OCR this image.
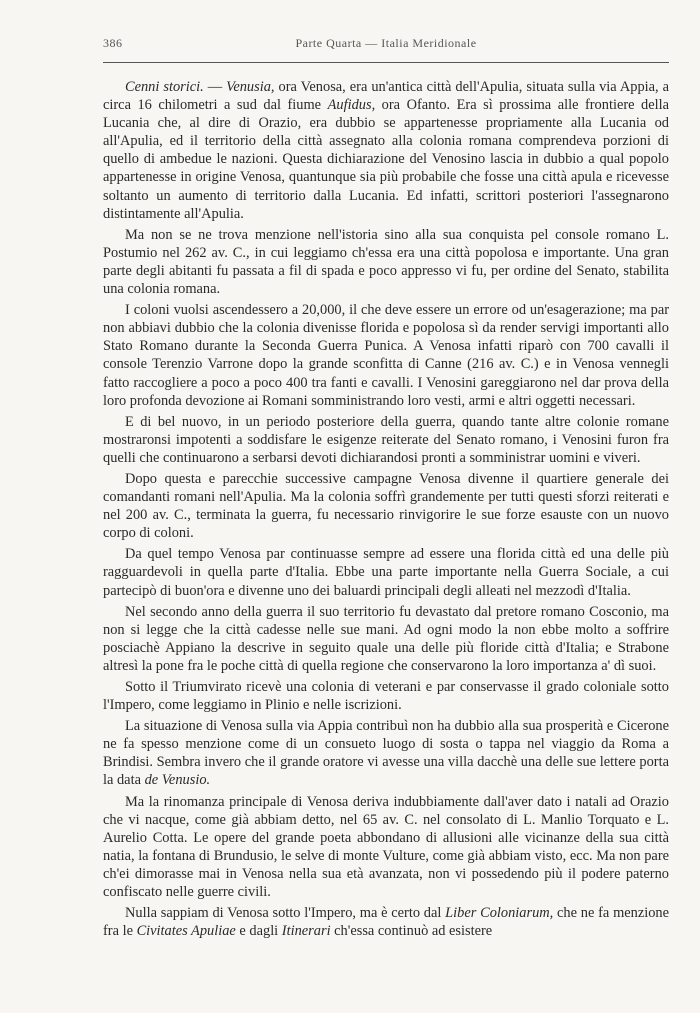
386	Parte Quarta — Italia Meridionale

Cenni storici. — Venusia, ora Venosa, era un'antica città dell'Apulia, situata sulla via Appia, a circa 16 chilometri a sud dal fiume Aufidus, ora Ofanto. Era sì prossima alle frontiere della Lucania che, al dire di Orazio, era dubbio se appartenesse propriamente alla Lucania od all'Apulia, ed il territorio della città assegnato alla colonia romana comprendeva porzioni di quello di ambedue le nazioni. Questa dichiarazione del Venosino lascia in dubbio a qual popolo appartenesse in origine Venosa, quantunque sia più probabile che fosse una città apula e ricevesse soltanto un aumento di territorio dalla Lucania. Ed infatti, scrittori posteriori l'assegnarono distintamente all'Apulia.

Ma non se ne trova menzione nell'istoria sino alla sua conquista pel console romano L. Postumio nel 262 av. C., in cui leggiamo ch'essa era una città popolosa e importante. Una gran parte degli abitanti fu passata a fil di spada e poco appresso vi fu, per ordine del Senato, stabilita una colonia romana.

I coloni vuolsi ascendessero a 20,000, il che deve essere un errore od un'esagerazione; ma par non abbiavi dubbio che la colonia divenisse florida e popolosa sì da render servigi importanti allo Stato Romano durante la Seconda Guerra Punica. A Venosa infatti riparò con 700 cavalli il console Terenzio Varrone dopo la grande sconfitta di Canne (216 av. C.) e in Venosa vennegli fatto raccogliere a poco a poco 400 tra fanti e cavalli. I Venosini gareggiarono nel dar prova della loro profonda devozione ai Romani somministrando loro vesti, armi e altri oggetti necessari.

E di bel nuovo, in un periodo posteriore della guerra, quando tante altre colonie romane mostraronsi impotenti a soddisfare le esigenze reiterate del Senato romano, i Venosini furon fra quelli che continuarono a serbarsi devoti dichiarandosi pronti a somministrar uomini e viveri.

Dopo questa e parecchie successive campagne Venosa divenne il quartiere generale dei comandanti romani nell'Apulia. Ma la colonia soffrì grandemente per tutti questi sforzi reiterati e nel 200 av. C., terminata la guerra, fu necessario rinvigorire le sue forze esauste con un nuovo corpo di coloni.

Da quel tempo Venosa par continuasse sempre ad essere una florida città ed una delle più ragguardevoli in quella parte d'Italia. Ebbe una parte importante nella Guerra Sociale, a cui partecipò di buon'ora e divenne uno dei baluardi principali degli alleati nel mezzodì d'Italia.

Nel secondo anno della guerra il suo territorio fu devastato dal pretore romano Cosconio, ma non si legge che la città cadesse nelle sue mani. Ad ogni modo la non ebbe molto a soffrire posciachè Appiano la descrive in seguito quale una delle più floride città d'Italia; e Strabone altresì la pone fra le poche città di quella regione che conservarono la loro importanza a' dì suoi.

Sotto il Triumvirato ricevè una colonia di veterani e par conservasse il grado coloniale sotto l'Impero, come leggiamo in Plinio e nelle iscrizioni.

La situazione di Venosa sulla via Appia contribuì non ha dubbio alla sua prosperità e Cicerone ne fa spesso menzione come di un consueto luogo di sosta o tappa nel viaggio da Roma a Brindisi. Sembra invero che il grande oratore vi avesse una villa dacchè una delle sue lettere porta la data de Venusio.

Ma la rinomanza principale di Venosa deriva indubbiamente dall'aver dato i natali ad Orazio che vi nacque, come già abbiam detto, nel 65 av. C. nel consolato di L. Manlio Torquato e L. Aurelio Cotta. Le opere del grande poeta abbondano di allusioni alle vicinanze della sua città natia, la fontana di Brundusio, le selve di monte Vulture, come già abbiam visto, ecc. Ma non pare ch'ei dimorasse mai in Venosa nella sua età avanzata, non vi possedendo più il podere paterno confiscato nelle guerre civili.

Nulla sappiam di Venosa sotto l'Impero, ma è certo dal Liber Coloniarum, che ne fa menzione fra le Civitates Apuliae e dagli Itinerari ch'essa continuò ad esistere
